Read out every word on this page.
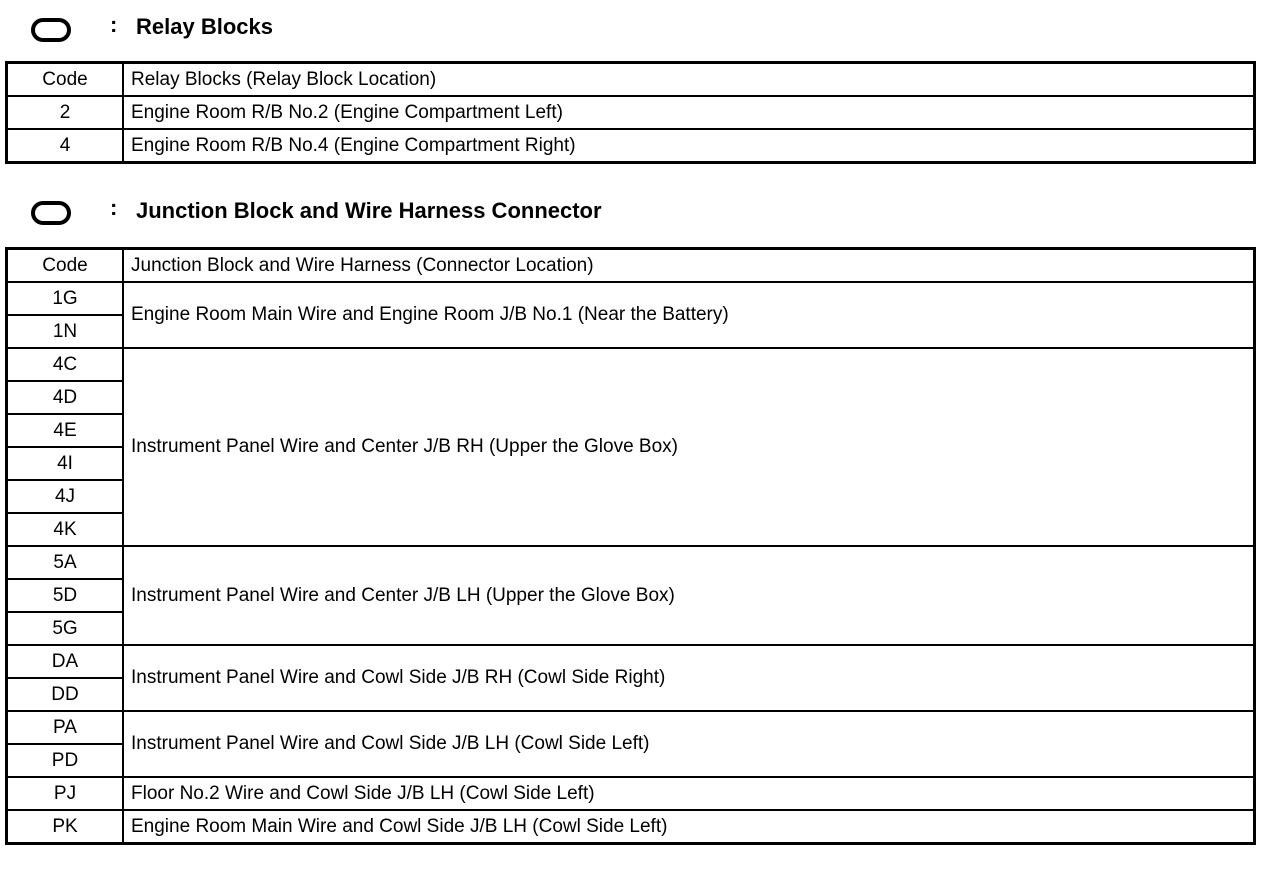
: Relay Blocks
Code	Relay Blocks (Relay Block Location)
2	Engine Room R/B No.2 (Engine Compartment Left)
4	Engine Room R/B No.4 (Engine Compartment Right)
: Junction Block and Wire Harness Connector
Code	Junction Block and Wire Harness (Connector Location)
1G	Engine Room Main Wire and Engine Room J/B No.1 (Near the Battery)
1N	
4C	Instrument Panel Wire and Center J/B RH (Upper the Glove Box)
4D	
4E	
4I	
4J	
4K	
5A	Instrument Panel Wire and Center J/B LH (Upper the Glove Box)
5D	
5G	
DA	Instrument Panel Wire and Cowl Side J/B RH (Cowl Side Right)
DD	
PA	Instrument Panel Wire and Cowl Side J/B LH (Cowl Side Left)
PD	
PJ	Floor No.2 Wire and Cowl Side J/B LH (Cowl Side Left)
PK	Engine Room Main Wire and Cowl Side J/B LH (Cowl Side Left)
